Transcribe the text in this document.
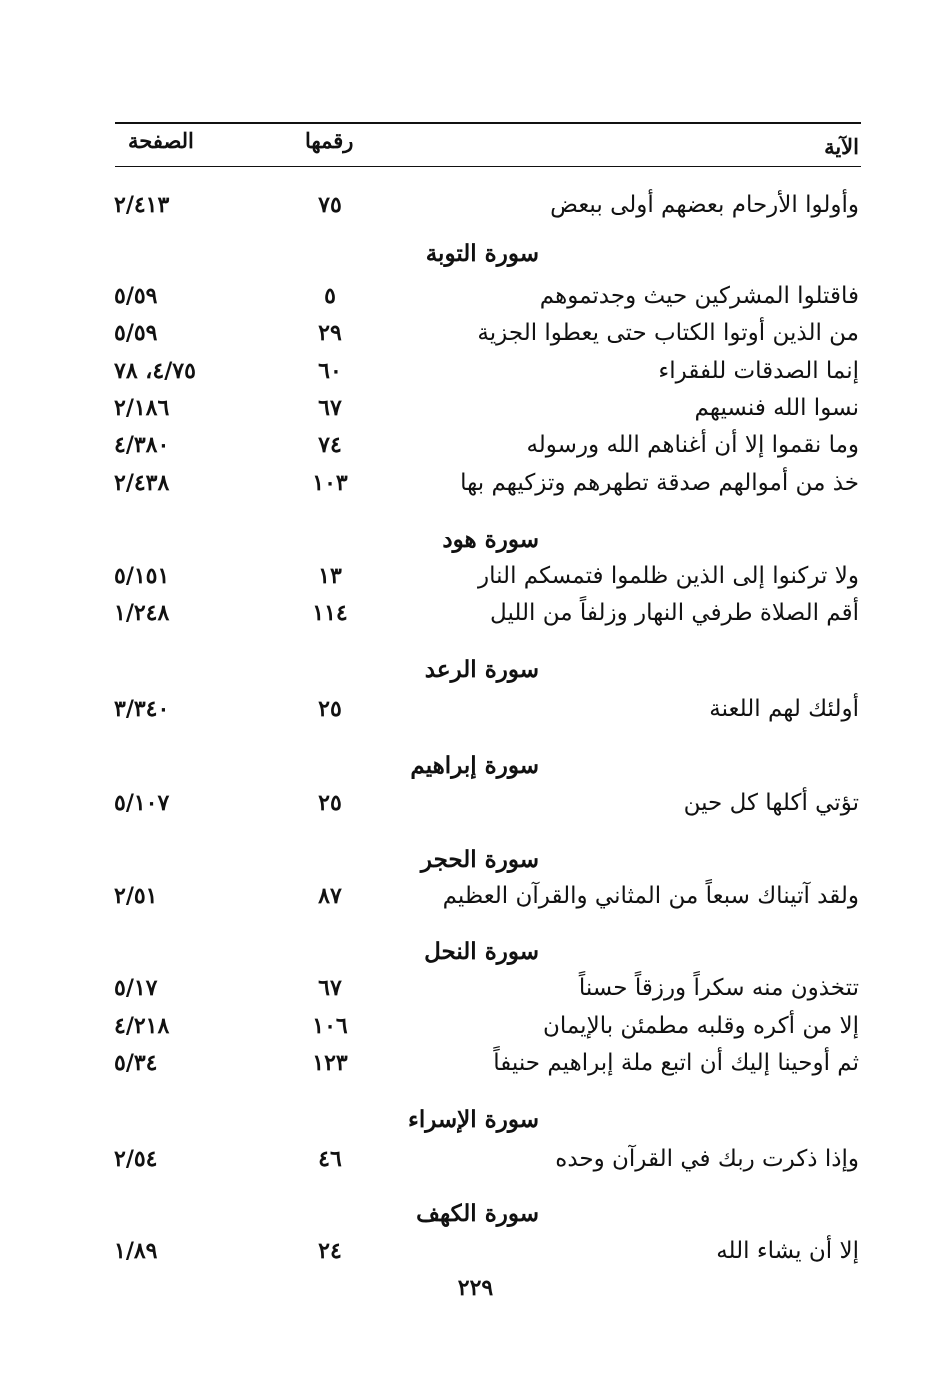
الآية
رقمها
الصفحة
وأولوا الأرحام بعضهم أولى ببعض
٧٥
٢/٤١٣
سورة التوبة
فاقتلوا المشركين حيث وجدتموهم
٥
٥/٥٩
من الذين أوتوا الكتاب حتى يعطوا الجزية
٢٩
٥/٥٩
إنما الصدقات للفقراء
٦٠
٤/٧٥، ٧٨
نسوا الله فنسيهم
٦٧
٢/١٨٦
وما نقموا إلا أن أغناهم الله ورسوله
٧٤
٤/٣٨٠
خذ من أموالهم صدقة تطهرهم وتزكيهم بها
١٠٣
٢/٤٣٨
سورة هود
ولا تركنوا إلى الذين ظلموا فتمسكم النار
١٣
٥/١٥١
أقم الصلاة طرفي النهار وزلفاً من الليل
١١٤
١/٢٤٨
سورة الرعد
أولئك لهم اللعنة
٢٥
٣/٣٤٠
سورة إبراهيم
تؤتي أكلها كل حين
٢٥
٥/١٠٧
سورة الحجر
ولقد آتيناك سبعاً من المثاني والقرآن العظيم
٨٧
٢/٥١
سورة النحل
تتخذون منه سكراً ورزقاً حسناً
٦٧
٥/١٧
إلا من أكره وقلبه مطمئن بالإيمان
١٠٦
٤/٢١٨
ثم أوحينا إليك أن اتبع ملة إبراهيم حنيفاً
١٢٣
٥/٣٤
سورة الإسراء
وإذا ذكرت ربك في القرآن وحده
٤٦
٢/٥٤
سورة الكهف
إلا أن يشاء الله
٢٤
١/٨٩
٢٢٩
